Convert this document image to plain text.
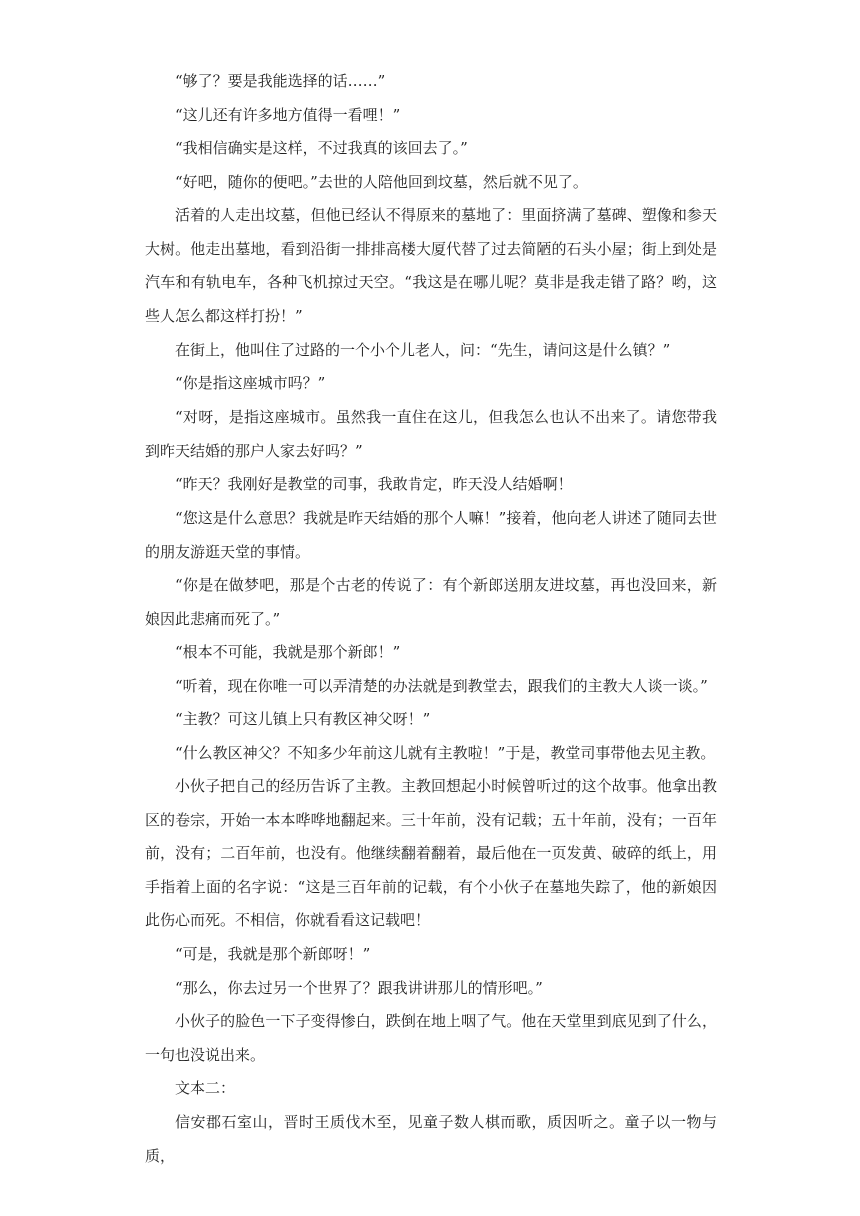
“够了？要是我能选择的话……”

“这儿还有许多地方值得一看哩！”

“我相信确实是这样，不过我真的该回去了。”

“好吧，随你的便吧。”去世的人陪他回到坟墓，然后就不见了。

活着的人走出坟墓，但他已经认不得原来的墓地了：里面挤满了墓碑、塑像和参天大树。他走出墓地，看到沿街一排排高楼大厦代替了过去简陋的石头小屋；街上到处是汽车和有轨电车，各种飞机掠过天空。“我这是在哪儿呢？莫非是我走错了路？哟，这些人怎么都这样打扮！”

在街上，他叫住了过路的一个小个儿老人，问：“先生，请问这是什么镇？”

“你是指这座城市吗？”

“对呀，是指这座城市。虽然我一直住在这儿，但我怎么也认不出来了。请您带我到昨天结婚的那户人家去好吗？”

“昨天？我刚好是教堂的司事，我敢肯定，昨天没人结婚啊！

“您这是什么意思？我就是昨天结婚的那个人嘛！”接着，他向老人讲述了随同去世的朋友游逛天堂的事情。

“你是在做梦吧，那是个古老的传说了：有个新郎送朋友进坟墓，再也没回来，新娘因此悲痛而死了。”

“根本不可能，我就是那个新郎！”

“听着，现在你唯一可以弄清楚的办法就是到教堂去，跟我们的主教大人谈一谈。”

“主教？可这儿镇上只有教区神父呀！”

“什么教区神父？不知多少年前这儿就有主教啦！”于是，教堂司事带他去见主教。

小伙子把自己的经历告诉了主教。主教回想起小时候曾听过的这个故事。他拿出教区的卷宗，开始一本本哗哗地翻起来。三十年前，没有记载；五十年前，没有；一百年前，没有；二百年前，也没有。他继续翻着翻着，最后他在一页发黄、破碎的纸上，用手指着上面的名字说：“这是三百年前的记载，有个小伙子在墓地失踪了，他的新娘因此伤心而死。不相信，你就看看这记载吧！

“可是，我就是那个新郎呀！”

“那么，你去过另一个世界了？跟我讲讲那儿的情形吧。”

小伙子的脸色一下子变得惨白，跌倒在地上咽了气。他在天堂里到底见到了什么，一句也没说出来。

文本二：

信安郡石室山，晋时王质伐木至，见童子数人棋而歌，质因听之。童子以一物与质，
